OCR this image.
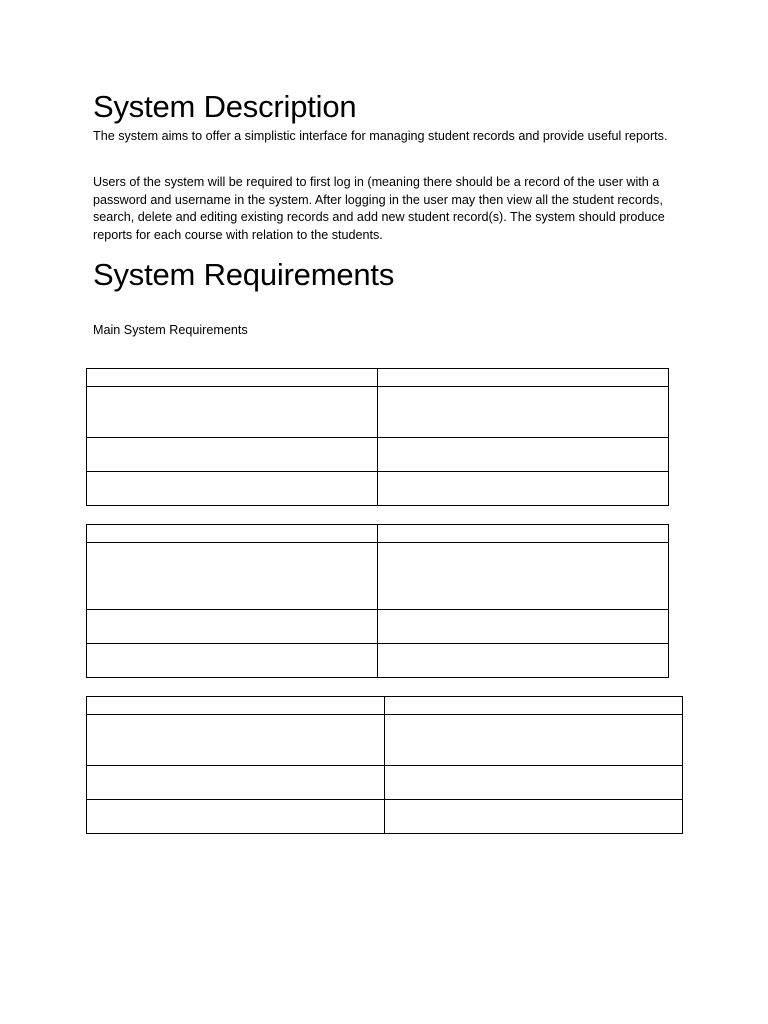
System Description

The system aims to offer a simplistic interface for managing student records and provide useful reports.

Users of the system will be required to first log in (meaning there should be a record of the user with a password and username in the system. After logging in the user may then view all the student records, search, delete and editing existing records and add new student record(s). The system should produce reports for each course with relation to the students.

System Requirements

Main System Requirements
